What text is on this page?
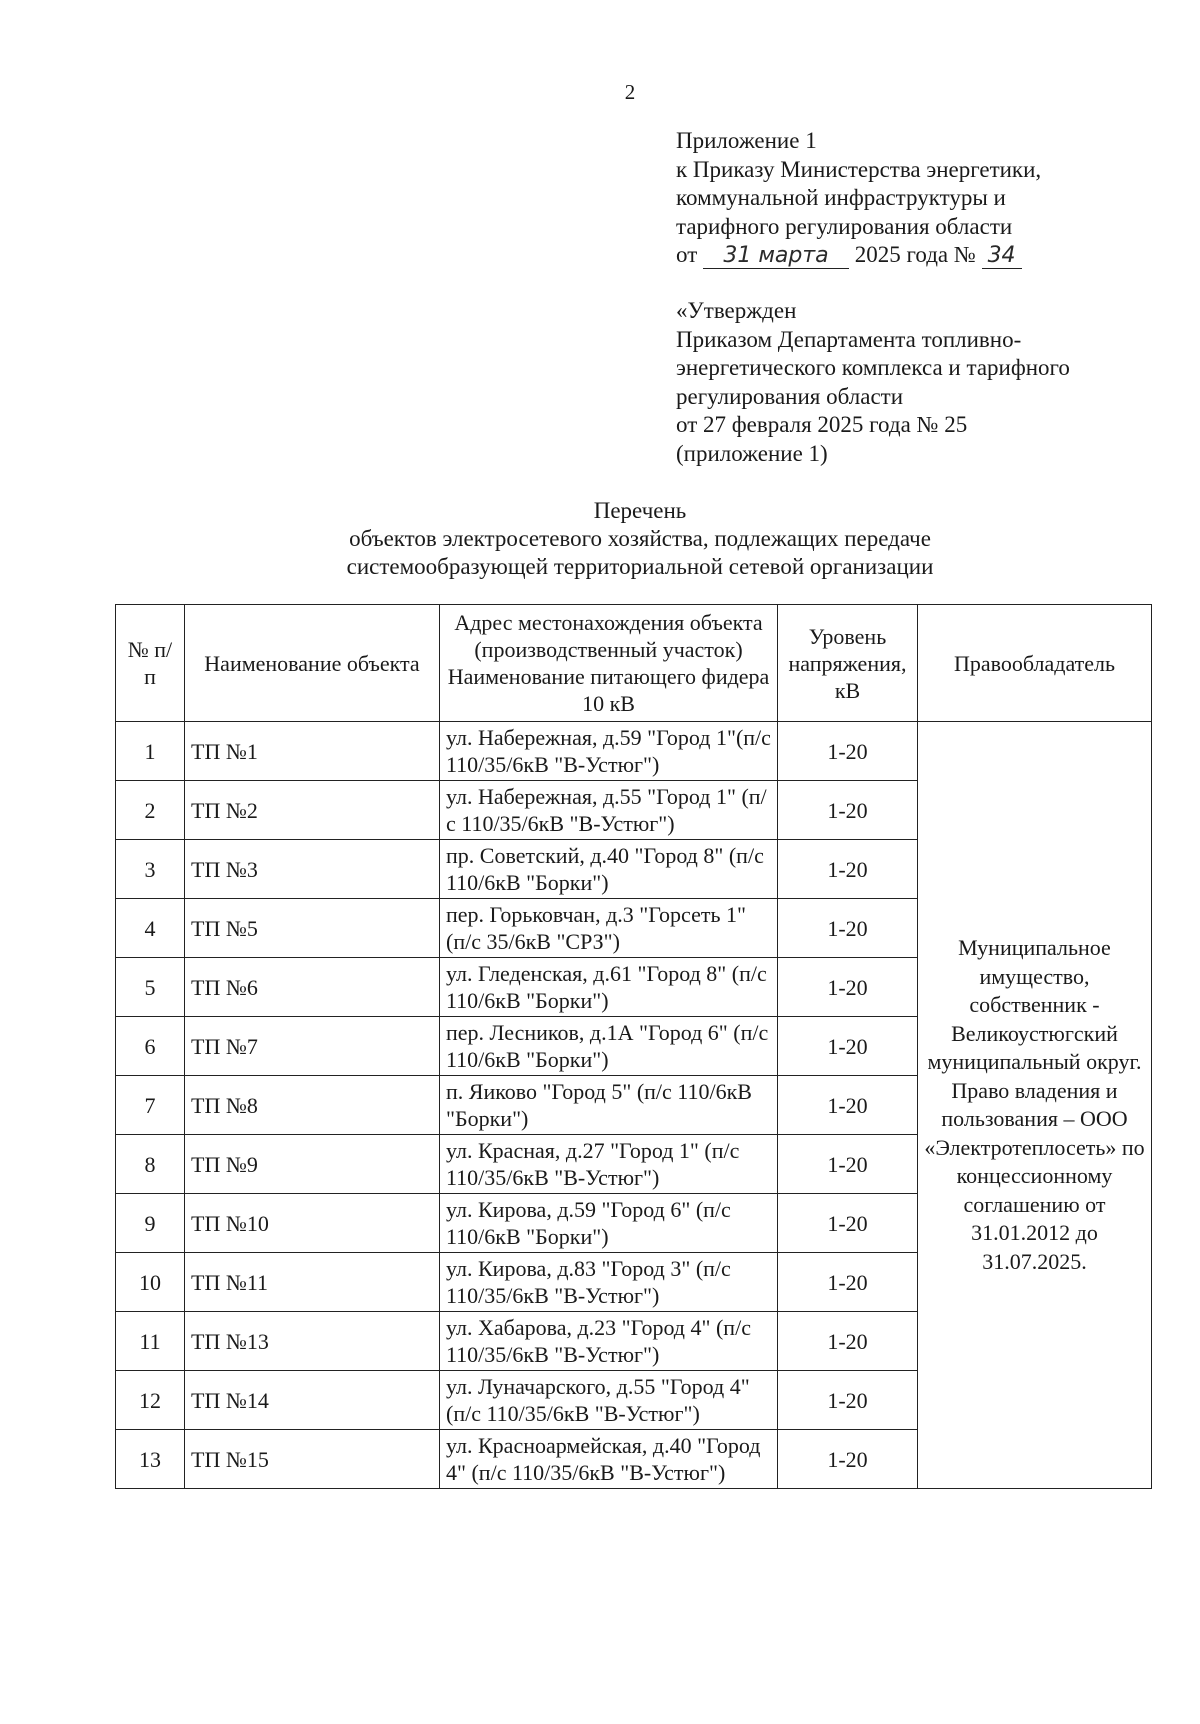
2
Приложение 1
к Приказу Министерства энергетики,
коммунальной инфраструктуры и
тарифного регулирования области
от 31 марта 2025 года № 34
«Утвержден
Приказом Департамента топливно-
энергетического комплекса и тарифного
регулирования области
от 27 февраля 2025 года № 25
(приложение 1)
Перечень
объектов электросетевого хозяйства, подлежащих передаче
системообразующей территориальной сетевой организации
№ п/п	Наименование объекта	Адрес местонахождения объекта (производственный участок) Наименование питающего фидера 10 кВ	Уровень напряжения, кВ	Правообладатель
1	ТП №1	ул. Набережная, д.59 "Город 1"(п/с 110/35/6кВ "В-Устюг")	1-20	Муниципальное имущество, собственник - Великоустюгский муниципальный округ. Право владения и пользования – ООО «Электротеплосеть» по концессионному соглашению от 31.01.2012 до 31.07.2025.
2	ТП №2	ул. Набережная, д.55 "Город 1" (п/с 110/35/6кВ "В-Устюг")	1-20	
3	ТП №3	пр. Советский, д.40 "Город 8" (п/с 110/6кВ "Борки")	1-20	
4	ТП №5	пер. Горьковчан, д.3 "Горсеть 1" (п/с 35/6кВ "СРЗ")	1-20	
5	ТП №6	ул. Гледенская, д.61 "Город 8" (п/с 110/6кВ "Борки")	1-20	
6	ТП №7	пер. Лесников, д.1А "Город 6" (п/с 110/6кВ "Борки")	1-20	
7	ТП №8	п. Яиково "Город 5" (п/с 110/6кВ "Борки")	1-20	
8	ТП №9	ул. Красная, д.27 "Город 1" (п/с 110/35/6кВ "В-Устюг")	1-20	
9	ТП №10	ул. Кирова, д.59 "Город 6" (п/с 110/6кВ "Борки")	1-20	
10	ТП №11	ул. Кирова, д.83 "Город 3" (п/с 110/35/6кВ "В-Устюг")	1-20	
11	ТП №13	ул. Хабарова, д.23 "Город 4" (п/с 110/35/6кВ "В-Устюг")	1-20	
12	ТП №14	ул. Луначарского, д.55 "Город 4" (п/с 110/35/6кВ "В-Устюг")	1-20	
13	ТП №15	ул. Красноармейская, д.40 "Город 4" (п/с 110/35/6кВ "В-Устюг")	1-20	
